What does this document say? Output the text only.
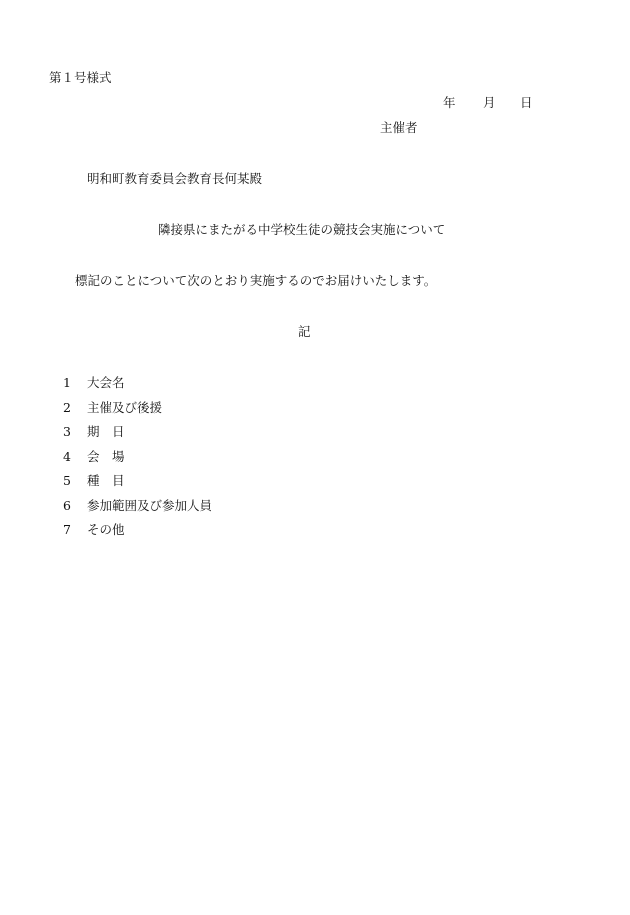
第１号様式
年 月 日
主催者
明和町教育委員会教育長何某殿
隣接県にまたがる中学校生徒の競技会実施について
標記のことについて次のとおり実施するのでお届けいたします。
記
1	大会名
2	主催及び後援
3	期　日
4	会　場
5	種　目
6	参加範囲及び参加人員
7	その他
